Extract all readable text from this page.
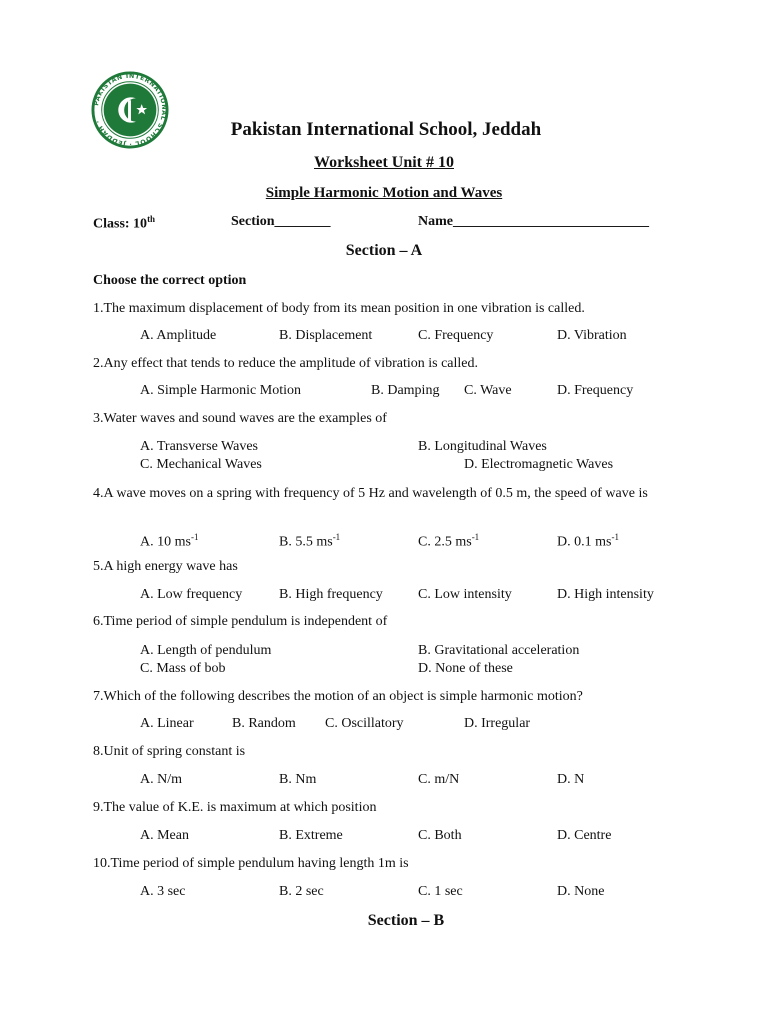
PAKISTAN INTERNATIONAL SCHOOL · JEDDAH ·	Pakistan International School, Jeddah
Worksheet Unit # 10
Simple Harmonic Motion and Waves
Class: 10th	Section________	Name____________________________
Section – A
Choose the correct option
1.The maximum displacement of body from its mean position in one vibration is called.
A. Amplitude	B. Displacement	C. Frequency	D. Vibration
2.Any effect that tends to reduce the amplitude of vibration is called.
A. Simple Harmonic Motion	B. Damping C. Wave	D. Frequency
3.Water waves and sound waves are the examples of
A. Transverse Waves	B. Longitudinal Waves
C. Mechanical Waves	D. Electromagnetic Waves
4.A wave moves on a spring with frequency of 5 Hz and wavelength of 0.5 m, the speed of wave is
A. 10 $ms^{-1}$	B. 5.5 $ms^{-1}$	C. 2.5 $ms^{-1}$	D. 0.1 $ms^{-1}$
5.A high energy wave has
A. Low frequency	B. High frequency	C. Low intensity	D. High intensity
6.Time period of simple pendulum is independent of
A. Length of pendulum	B. Gravitational acceleration
C. Mass of bob	D. None of these
7.Which of the following describes the motion of an object is simple harmonic motion?
A. Linear	B. Random C. Oscillatory	D. Irregular
8.Unit of spring constant is
A. N/m	B. Nm	C. m/N	D. N
9.The value of K.E. is maximum at which position
A. Mean	B. Extreme	C. Both	D. Centre
10.Time period of simple pendulum having length 1m is
A. 3 sec	B. 2 sec	C. 1 sec	D. None
Section – B
